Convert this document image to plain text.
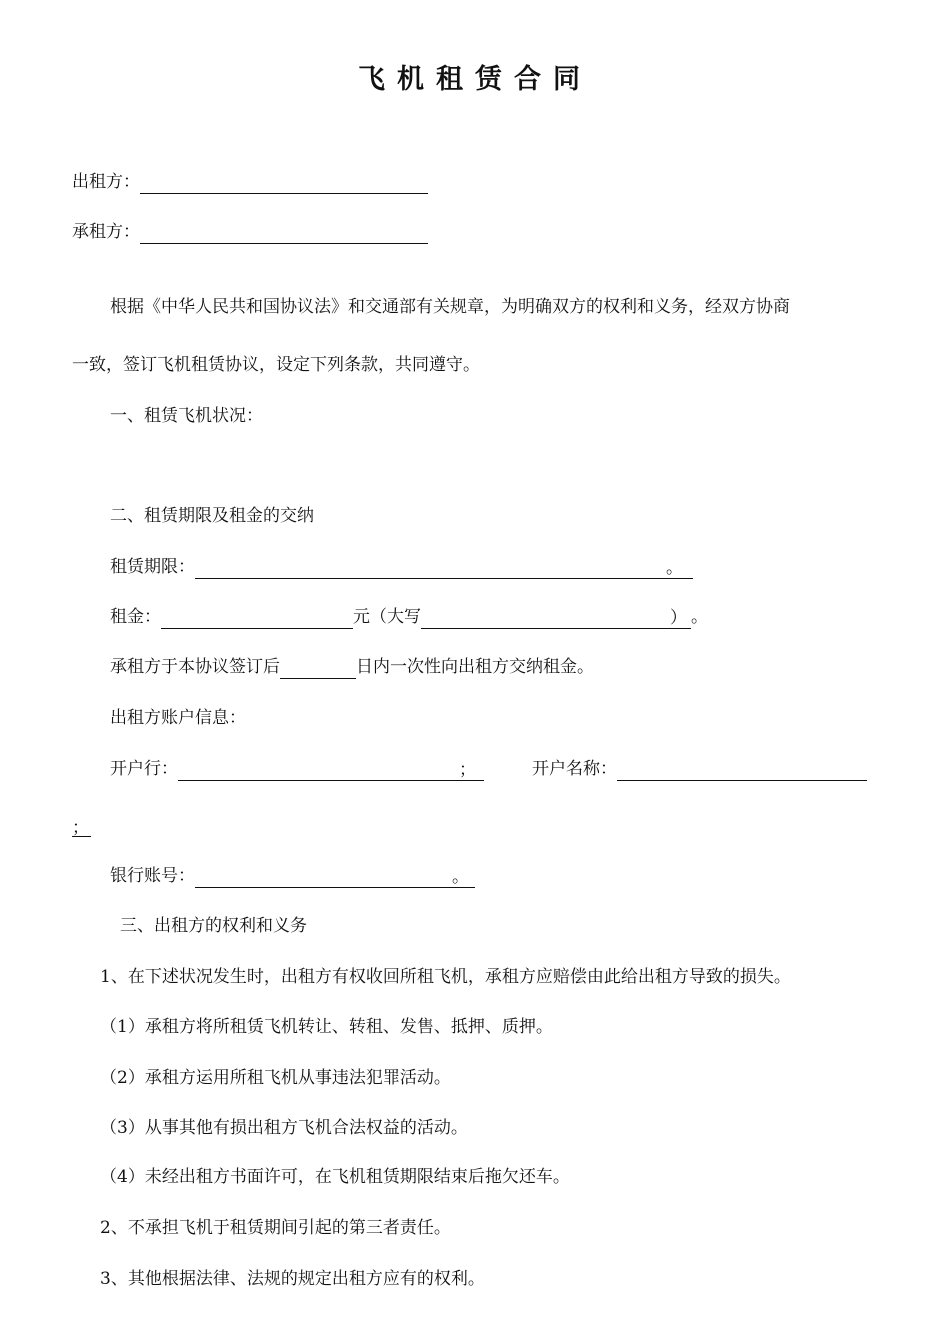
飞机租赁合同
出租方：
承租方：
根据《中华人民共和国协议法》和交通部有关规章，为明确双方的权利和义务，经双方协商
一致，签订飞机租赁协议，设定下列条款，共同遵守。
一、租赁飞机状况：
二、租赁期限及租金的交纳
租赁期限：	。
租金：	元（大写	） 。
承租方于本协议签订后	日内一次性向出租方交纳租金。
出租方账户信息：
开户行：	；	开户名称：
；
银行账号：	。
三、出租方的权利和义务
1、在下述状况发生时，出租方有权收回所租飞机，承租方应赔偿由此给出租方导致的损失。
（1）承租方将所租赁飞机转让、转租、发售、抵押、质押。
（2）承租方运用所租飞机从事违法犯罪活动。
（3）从事其他有损出租方飞机合法权益的活动。
（4）未经出租方书面许可，在飞机租赁期限结束后拖欠还车。
2、不承担飞机于租赁期间引起的第三者责任。
3、其他根据法律、法规的规定出租方应有的权利。
